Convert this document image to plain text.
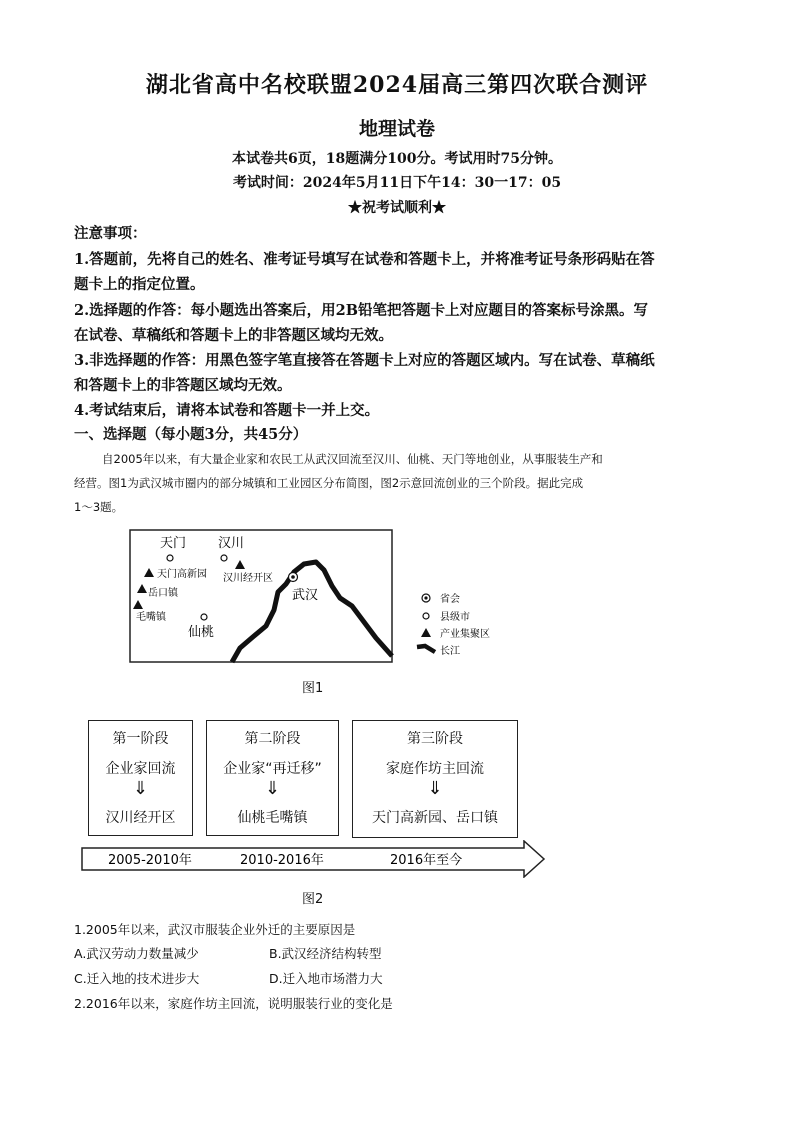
湖北省高中名校联盟2024届高三第四次联合测评
地理试卷
本试卷共6页，18题满分100分。考试用时75分钟。
考试时间：2024年5月11日下午14：30一17：05
★祝考试顺利★
注意事项：
1.答题前，先将自己的姓名、准考证号填写在试卷和答题卡上，并将准考证号条形码贴在答
题卡上的指定位置。
2.选择题的作答：每小题选出答案后，用2B铅笔把答题卡上对应题目的答案标号涂黑。写
在试卷、草稿纸和答题卡上的非答题区域均无效。
3.非选择题的作答：用黑色签字笔直接答在答题卡上对应的答题区域内。写在试卷、草稿纸
和答题卡上的非答题区域均无效。
4.考试结束后，请将本试卷和答题卡一并上交。
一、选择题（每小题3分，共45分）
自2005年以来，有大量企业家和农民工从武汉回流至汉川、仙桃、天门等地创业，从事服装生产和
经营。图1为武汉城市圈内的部分城镇和工业园区分布简图，图2示意回流创业的三个阶段。据此完成
1～3题。
武汉
天门 汉川
汉川经开区
天门高新园
岳口镇
毛嘴镇
仙桃
省会
县级市
产业集聚区
长江
图1
第一阶段
企业家回流
⇓
汉川经开区
第二阶段
企业家“再迁移”
⇓
仙桃毛嘴镇
第三阶段
家庭作坊主回流
⇓
天门高新园、岳口镇
2005-2010年	2010-2016年	2016年至今
图2
1.2005年以来，武汉市服装企业外迁的主要原因是
A.武汉劳动力数量减少	B.武汉经济结构转型
C.迁入地的技术进步大	D.迁入地市场潜力大
2.2016年以来，家庭作坊主回流，说明服装行业的变化是
